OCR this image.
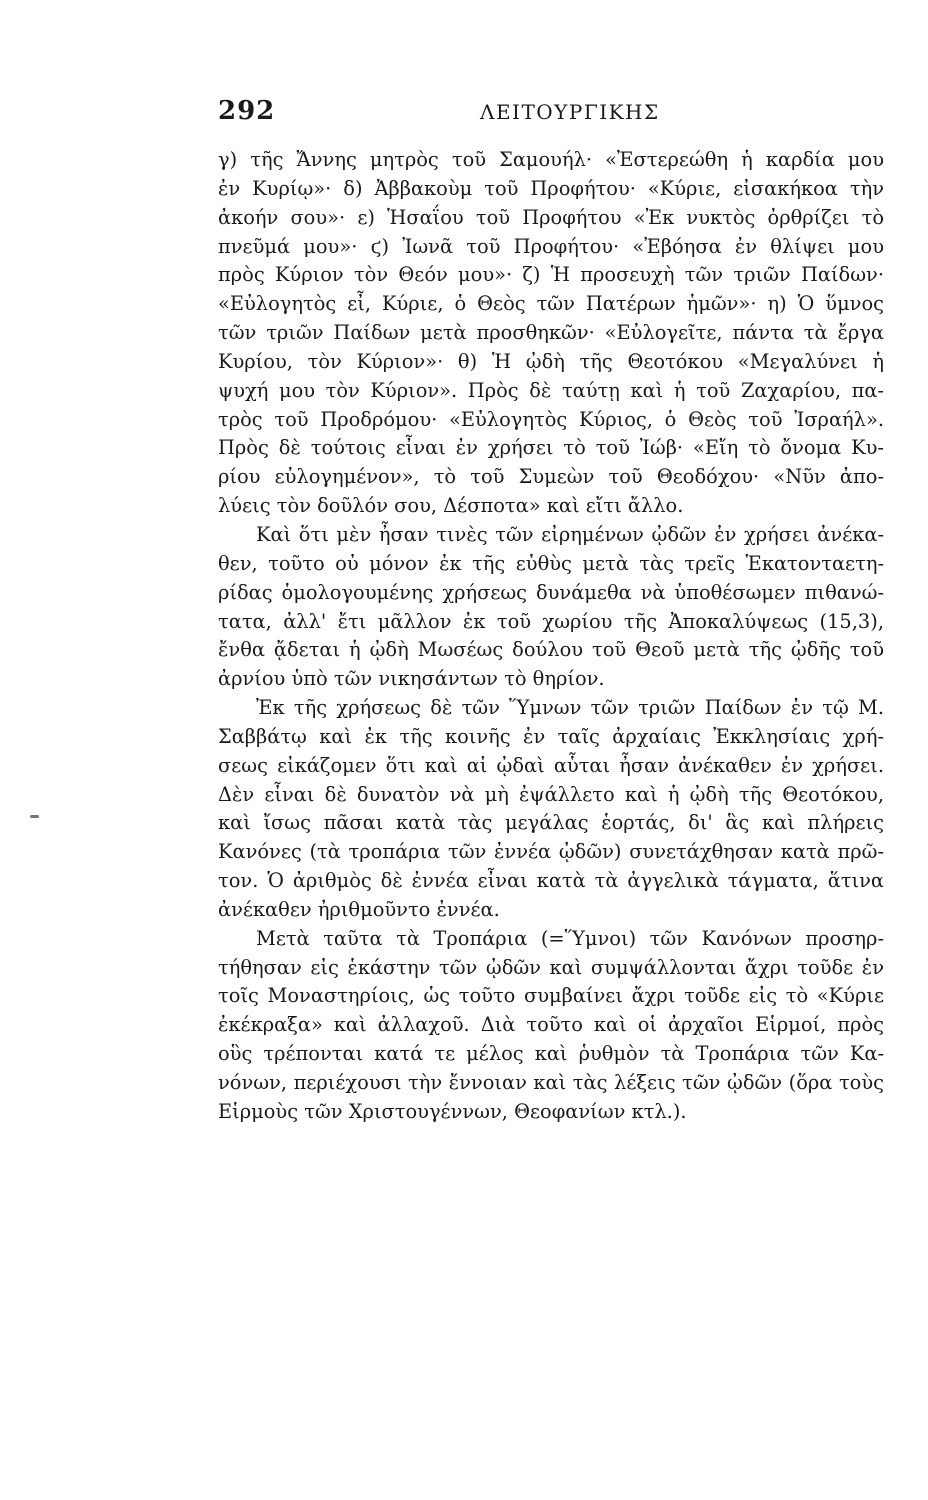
292	ΛΕΙΤΟΥΡΓΙΚΗΣ
γ) τῆς Ἄννης μητρὸς τοῦ Σαμουήλ· «Ἐστερεώθη ἡ καρδία μου
ἐν Κυρίῳ»· δ) Ἀββακοὺμ τοῦ Προφήτου· «Κύριε, εἰσακήκοα τὴν
ἀκοήν σου»· ε) Ἡσαΐου τοῦ Προφήτου «Ἐκ νυκτὸς ὀρθρίζει τὸ
πνεῦμά μου»· ϛ) Ἰωνᾶ τοῦ Προφήτου· «Ἐβόησα ἐν θλίψει μου
πρὸς Κύριον τὸν Θεόν μου»· ζ) Ἡ προσευχὴ τῶν τριῶν Παίδων·
«Εὐλογητὸς εἶ, Κύριε, ὁ Θεὸς τῶν Πατέρων ἡμῶν»· η) Ὁ ὕμνος
τῶν τριῶν Παίδων μετὰ προσθηκῶν· «Εὐλογεῖτε, πάντα τὰ ἔργα
Κυρίου, τὸν Κύριον»· θ) Ἡ ᾠδὴ τῆς Θεοτόκου «Μεγαλύνει ἡ
ψυχή μου τὸν Κύριον». Πρὸς δὲ ταύτῃ καὶ ἡ τοῦ Ζαχαρίου, πα-
τρὸς τοῦ Προδρόμου· «Εὐλογητὸς Κύριος, ὁ Θεὸς τοῦ Ἰσραήλ».
Πρὸς δὲ τούτοις εἶναι ἐν χρήσει τὸ τοῦ Ἰώβ· «Εἴη τὸ ὄνομα Κυ-
ρίου εὐλογημένον», τὸ τοῦ Συμεὼν τοῦ Θεοδόχου· «Νῦν ἀπο-
λύεις τὸν δοῦλόν σου, Δέσποτα» καὶ εἴτι ἄλλο.
Καὶ ὅτι μὲν ἦσαν τινὲς τῶν εἰρημένων ᾠδῶν ἐν χρήσει ἀνέκα-
θεν, τοῦτο οὐ μόνον ἐκ τῆς εὐθὺς μετὰ τὰς τρεῖς Ἑκατονταετη-
ρίδας ὁμολογουμένης χρήσεως δυνάμεθα νὰ ὑποθέσωμεν πιθανώ-
τατα, ἀλλ' ἔτι μᾶλλον ἐκ τοῦ χωρίου τῆς Ἀποκαλύψεως (15,3),
ἔνθα ᾄδεται ἡ ᾠδὴ Μωσέως δούλου τοῦ Θεοῦ μετὰ τῆς ᾠδῆς τοῦ
ἀρνίου ὑπὸ τῶν νικησάντων τὸ θηρίον.
Ἐκ τῆς χρήσεως δὲ τῶν Ὕμνων τῶν τριῶν Παίδων ἐν τῷ Μ.
Σαββάτῳ καὶ ἐκ τῆς κοινῆς ἐν ταῖς ἀρχαίαις Ἐκκλησίαις χρή-
σεως εἰκάζομεν ὅτι καὶ αἱ ᾠδαὶ αὗται ἦσαν ἀνέκαθεν ἐν χρήσει.
Δὲν εἶναι δὲ δυνατὸν νὰ μὴ ἐψάλλετο καὶ ἡ ᾠδὴ τῆς Θεοτόκου,
καὶ ἴσως πᾶσαι κατὰ τὰς μεγάλας ἑορτάς, δι' ἃς καὶ πλήρεις
Κανόνες (τὰ τροπάρια τῶν ἐννέα ᾠδῶν) συνετάχθησαν κατὰ πρῶ-
τον. Ὁ ἀριθμὸς δὲ ἐννέα εἶναι κατὰ τὰ ἀγγελικὰ τάγματα, ἅτινα
ἀνέκαθεν ἠριθμοῦντο ἐννέα.
Μετὰ ταῦτα τὰ Τροπάρια (=Ὕμνοι) τῶν Κανόνων προσηρ-
τήθησαν εἰς ἑκάστην τῶν ᾠδῶν καὶ συμψάλλονται ἄχρι τοῦδε ἐν
τοῖς Μοναστηρίοις, ὡς τοῦτο συμβαίνει ἄχρι τοῦδε εἰς τὸ «Κύριε
ἐκέκραξα» καὶ ἀλλαχοῦ. Διὰ τοῦτο καὶ οἱ ἀρχαῖοι Εἱρμοί, πρὸς
οὓς τρέπονται κατά τε μέλος καὶ ῥυθμὸν τὰ Τροπάρια τῶν Κα-
νόνων, περιέχουσι τὴν ἔννοιαν καὶ τὰς λέξεις τῶν ᾠδῶν (ὅρα τοὺς
Εἱρμοὺς τῶν Χριστουγέννων, Θεοφανίων κτλ.).
